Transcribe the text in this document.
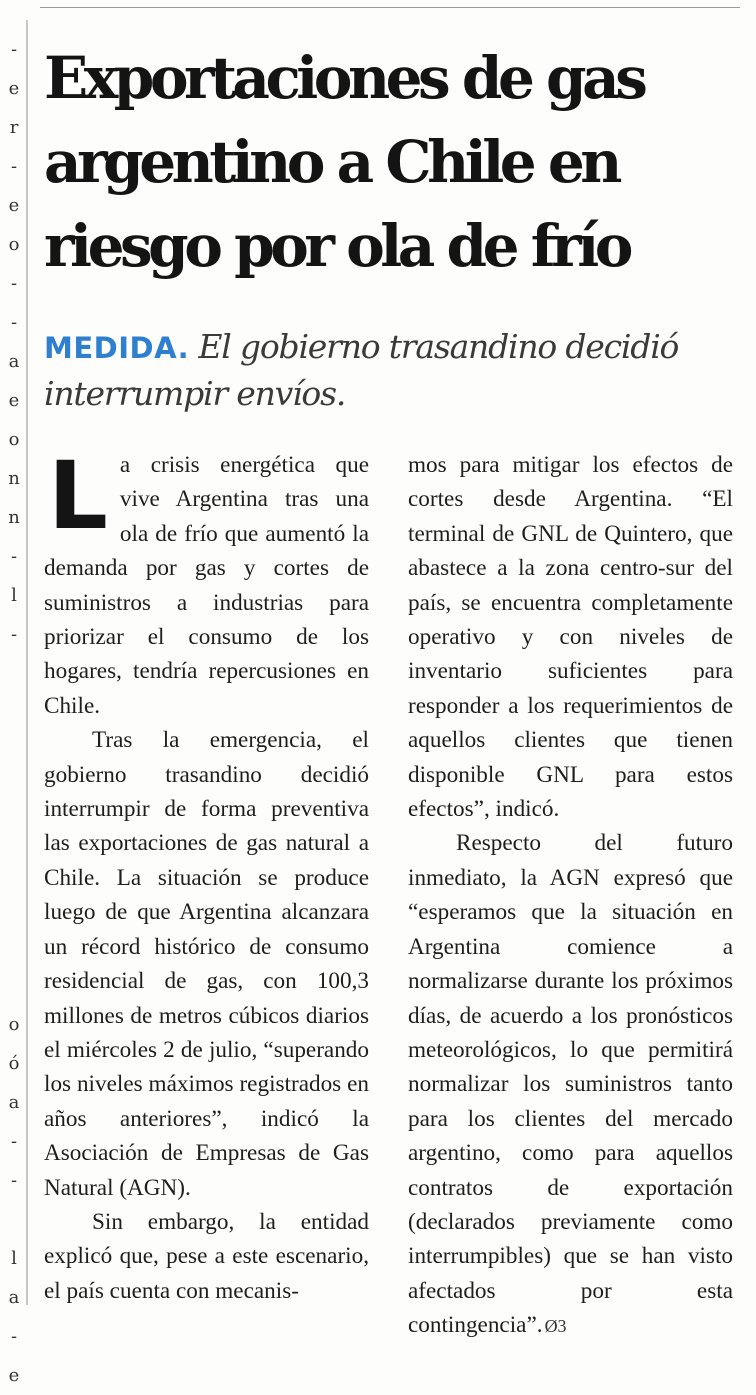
-
e
r
-
e
o
-
-
a
e
o
n
n
-
l
-
o
ó
a
-
-
l
a
-
e
Exportaciones de gas argentino a Chile en riesgo por ola de frío
MEDIDA. El gobierno trasandino decidió interrumpir envíos.

La crisis energética que vive Argentina tras una ola de frío que aumentó la demanda por gas y cortes de suministros a industrias para priorizar el consumo de los hogares, tendría repercusiones en Chile.

Tras la emergencia, el gobierno trasandino decidió interrumpir de forma preventiva las exportaciones de gas natural a Chile. La situación se produce luego de que Argentina alcanzara un récord histórico de consumo residencial de gas, con 100,3 millones de metros cúbicos diarios el miércoles 2 de julio, “superando los niveles máximos registrados en años anteriores”, indicó la Asociación de Empresas de Gas Natural (AGN).

Sin embargo, la entidad explicó que, pese a este escenario, el país cuenta con mecanis-

mos para mitigar los efectos de cortes desde Argentina. “El terminal de GNL de Quintero, que abastece a la zona centro-sur del país, se encuentra completamente operativo y con niveles de inventario suficientes para responder a los requerimientos de aquellos clientes que tienen disponible GNL para estos efectos”, indicó.

Respecto del futuro inmediato, la AGN expresó que “esperamos que la situación en Argentina comience a normalizarse durante los próximos días, de acuerdo a los pronósticos meteorológicos, lo que permitirá normalizar los suministros tanto para los clientes del mercado argentino, como para aquellos contratos de exportación (declarados previamente como interrumpibles) que se han visto afectados por esta contingencia”. Ø3
